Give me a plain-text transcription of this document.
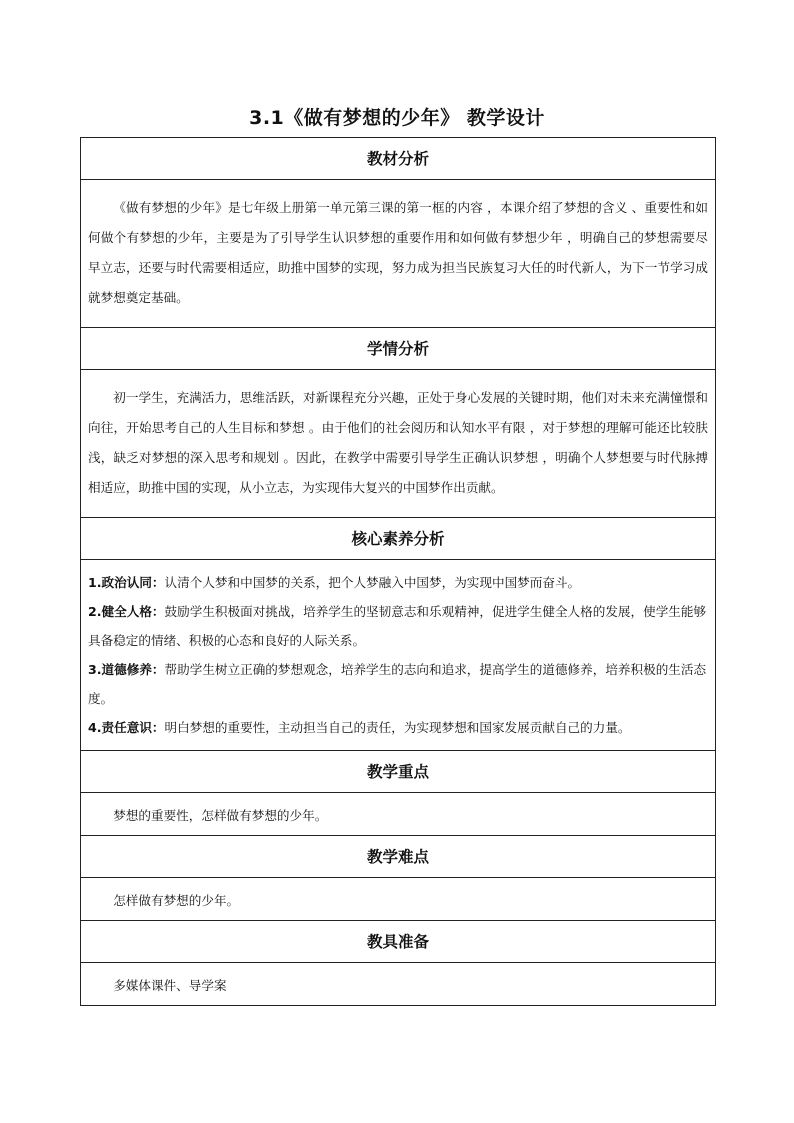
3.1《做有梦想的少年》 教学设计
教材分析
《做有梦想的少年》是七年级上册第一单元第三课的第一框的内容 ，本课介绍了梦想的含义 、重要性和如何做个有梦想的少年，主要是为了引导学生认识梦想的重要作用和如何做有梦想少年 ，明确自己的梦想需要尽早立志，还要与时代需要相适应，助推中国梦的实现，努力成为担当民族复习大任的时代新人，为下一节学习成就梦想奠定基础。
学情分析
初一学生，充满活力，思维活跃，对新课程充分兴趣，正处于身心发展的关键时期，他们对未来充满憧憬和向往，开始思考自己的人生目标和梦想 。由于他们的社会阅历和认知水平有限 ，对于梦想的理解可能还比较肤浅，缺乏对梦想的深入思考和规划 。因此，在教学中需要引导学生正确认识梦想 ，明确个人梦想要与时代脉搏相适应，助推中国的实现，从小立志，为实现伟大复兴的中国梦作出贡献。
核心素养分析

1.政治认同：认清个人梦和中国梦的关系，把个人梦融入中国梦，为实现中国梦而奋斗。
2.健全人格：鼓励学生积极面对挑战，培养学生的坚韧意志和乐观精神，促进学生健全人格的发展，使学生能够具备稳定的情绪、积极的心态和良好的人际关系。
3.道德修养：帮助学生树立正确的梦想观念，培养学生的志向和追求，提高学生的道德修养，培养积极的生活态度。
4.责任意识：明白梦想的重要性，主动担当自己的责任，为实现梦想和国家发展贡献自己的力量。

教学重点
梦想的重要性，怎样做有梦想的少年。
教学难点
怎样做有梦想的少年。
教具准备
多媒体课件、导学案
